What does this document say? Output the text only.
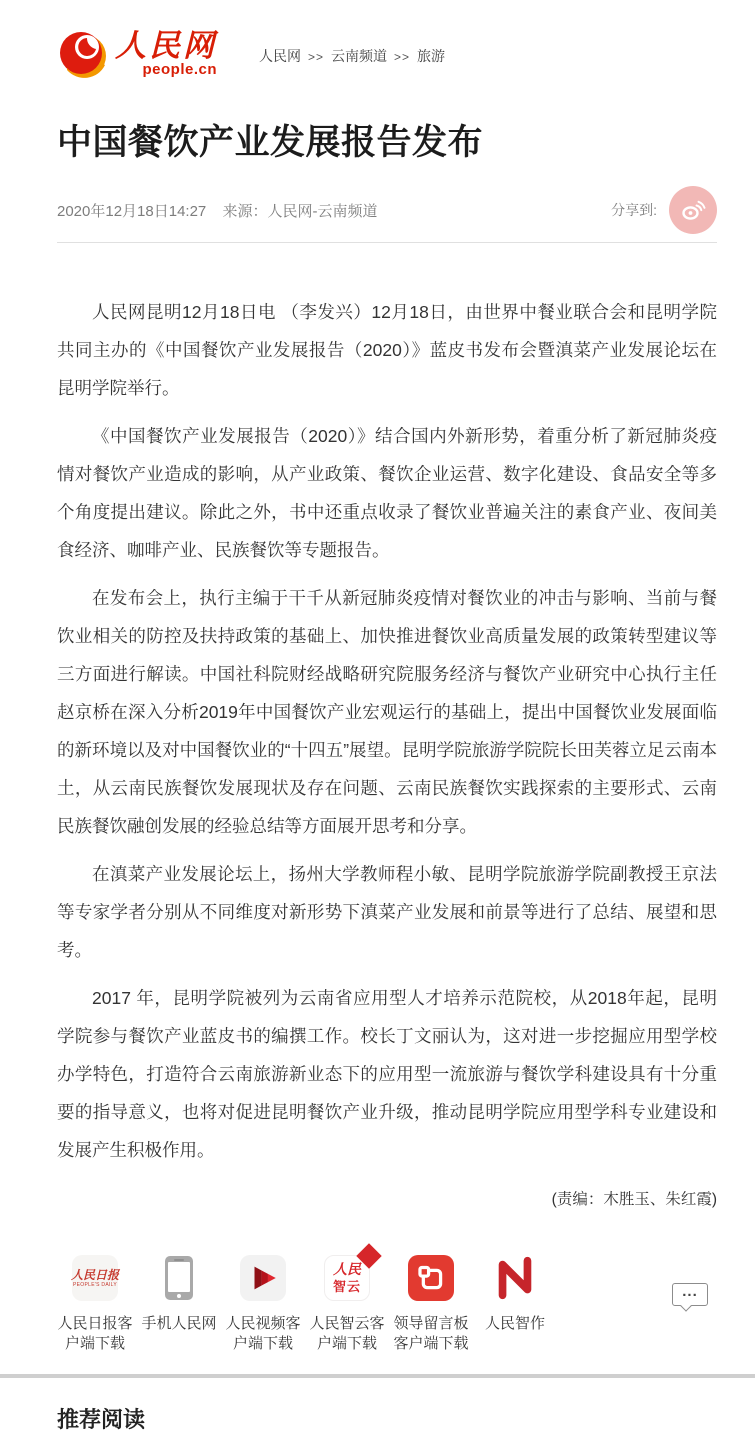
人民网
people.cn
人民网 >> 云南频道 >> 旅游
中国餐饮产业发展报告发布
2020年12月18日14:27 来源：人民网-云南频道	分享到:

人民网昆明12月18日电 （李发兴）12月18日，由世界中餐业联合会和昆明学院共同主办的《中国餐饮产业发展报告（2020）》蓝皮书发布会暨滇菜产业发展论坛在昆明学院举行。

《中国餐饮产业发展报告（2020）》结合国内外新形势，着重分析了新冠肺炎疫情对餐饮产业造成的影响，从产业政策、餐饮企业运营、数字化建设、食品安全等多个角度提出建议。除此之外，书中还重点收录了餐饮业普遍关注的素食产业、夜间美食经济、咖啡产业、民族餐饮等专题报告。

在发布会上，执行主编于干千从新冠肺炎疫情对餐饮业的冲击与影响、当前与餐饮业相关的防控及扶持政策的基础上、加快推进餐饮业高质量发展的政策转型建议等三方面进行解读。中国社科院财经战略研究院服务经济与餐饮产业研究中心执行主任赵京桥在深入分析2019年中国餐饮产业宏观运行的基础上，提出中国餐饮业发展面临的新环境以及对中国餐饮业的“十四五”展望。昆明学院旅游学院院长田芙蓉立足云南本土，从云南民族餐饮发展现状及存在问题、云南民族餐饮实践探索的主要形式、云南民族餐饮融创发展的经验总结等方面展开思考和分享。

在滇菜产业发展论坛上，扬州大学教师程小敏、昆明学院旅游学院副教授王京法等专家学者分别从不同维度对新形势下滇菜产业发展和前景等进行了总结、展望和思考。

2017 年，昆明学院被列为云南省应用型人才培养示范院校，从2018年起，昆明学院参与餐饮产业蓝皮书的编撰工作。校长丁文丽认为，这对进一步挖掘应用型学校办学特色，打造符合云南旅游新业态下的应用型一流旅游与餐饮学科建设具有十分重要的指导意义，也将对促进昆明餐饮产业升级，推动昆明学院应用型学科专业建设和发展产生积极作用。

(责编：木胜玉、朱红霞)
人民日报
PEOPLE'S DAILY
人民日报客
户端下载
手机人民网 人民视频客
户端下载
人民
智云
人民智云客
户端下载
领导留言板
客户端下载
人民智作
...
推荐阅读
